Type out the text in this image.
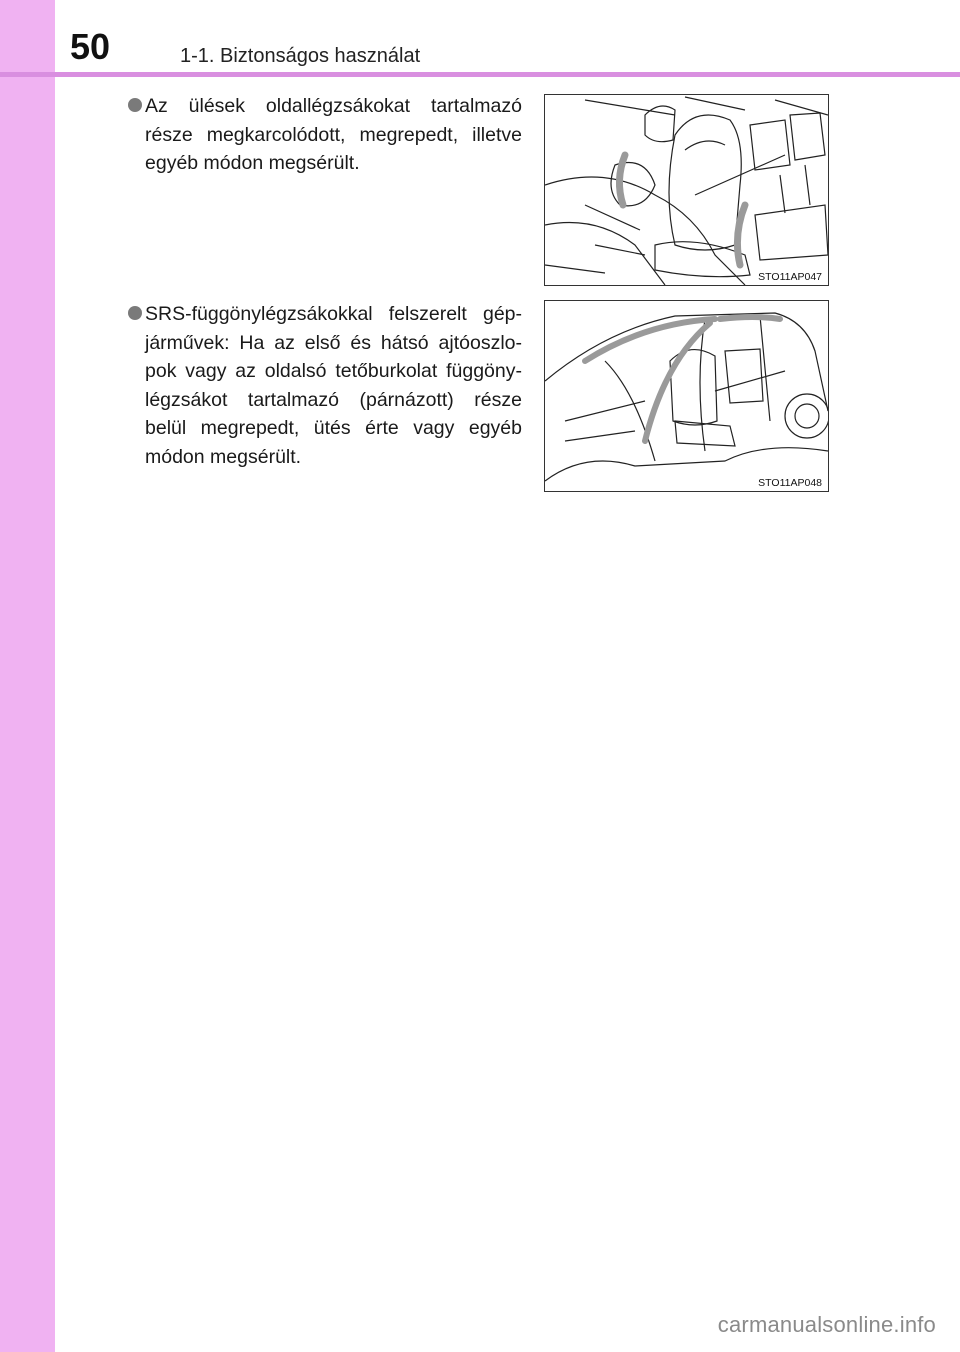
50	1-1. Biztonságos használat
Az ülések oldallégzsákokat tartalmazó része megkarcolódott, megrepedt, illetve egyéb módon megsérült.
STO11AP047
SRS-függönylégzsákokkal felszerelt gép-járművek: Ha az első és hátsó ajtóoszlo-pok vagy az oldalsó tetőburkolat függöny-légzsákot tartalmazó (párnázott) része belül megrepedt, ütés érte vagy egyéb módon megsérült.
STO11AP048
carmanualsonline.info
